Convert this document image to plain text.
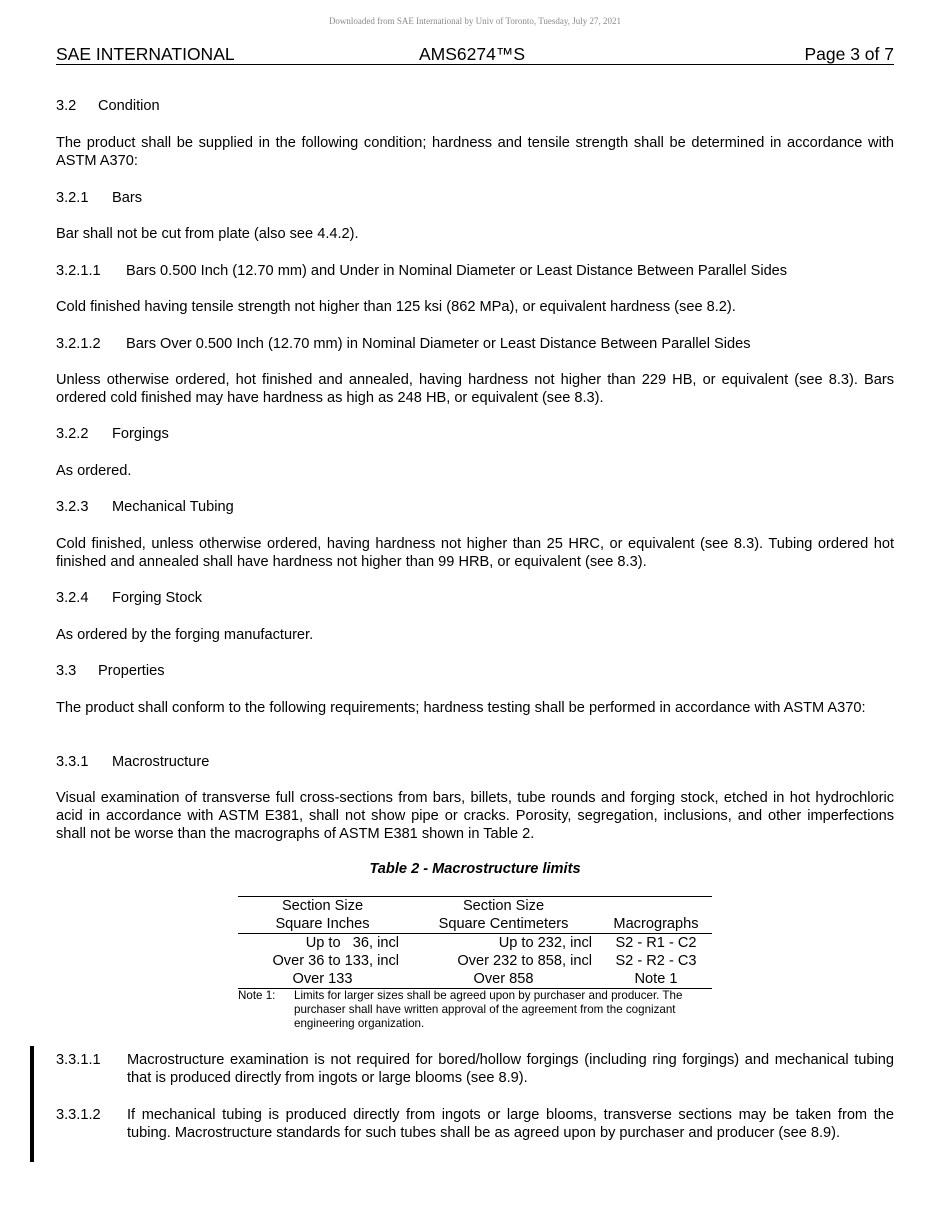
Downloaded from SAE International by Univ of Toronto, Tuesday, July 27, 2021
SAE INTERNATIONAL	AMS6274™S	Page 3 of 7
3.2 Condition
The product shall be supplied in the following condition; hardness and tensile strength shall be determined in accordance with ASTM A370:
3.2.1 Bars
Bar shall not be cut from plate (also see 4.4.2).
3.2.1.1 Bars 0.500 Inch (12.70 mm) and Under in Nominal Diameter or Least Distance Between Parallel Sides
Cold finished having tensile strength not higher than 125 ksi (862 MPa), or equivalent hardness (see 8.2).
3.2.1.2 Bars Over 0.500 Inch (12.70 mm) in Nominal Diameter or Least Distance Between Parallel Sides
Unless otherwise ordered, hot finished and annealed, having hardness not higher than 229 HB, or equivalent (see 8.3). Bars ordered cold finished may have hardness as high as 248 HB, or equivalent (see 8.3).
3.2.2 Forgings
As ordered.
3.2.3 Mechanical Tubing
Cold finished, unless otherwise ordered, having hardness not higher than 25 HRC, or equivalent (see 8.3). Tubing ordered hot finished and annealed shall have hardness not higher than 99 HRB, or equivalent (see 8.3).
3.2.4 Forging Stock
As ordered by the forging manufacturer.
3.3 Properties
The product shall conform to the following requirements; hardness testing shall be performed in accordance with ASTM A370:
3.3.1 Macrostructure
Visual examination of transverse full cross-sections from bars, billets, tube rounds and forging stock, etched in hot hydrochloric acid in accordance with ASTM E381, shall not show pipe or cracks. Porosity, segregation, inclusions, and other imperfections shall not be worse than the macrographs of ASTM E381 shown in Table 2.
Table 2 - Macrostructure limits
Section Size	Section Size	
Square Inches	Square Centimeters	Macrographs
Up to   36, incl	Up to 232, incl	S2 - R1 - C2
Over 36 to 133, incl	Over 232 to 858, incl	S2 - R2 - C3
Over 133	Over 858	Note 1
Note 1: Limits for larger sizes shall be agreed upon by purchaser and producer. The purchaser shall have written approval of the agreement from the cognizant engineering organization.
3.3.1.1 Macrostructure examination is not required for bored/hollow forgings (including ring forgings) and mechanical tubing that is produced directly from ingots or large blooms (see 8.9).
3.3.1.2 If mechanical tubing is produced directly from ingots or large blooms, transverse sections may be taken from the tubing. Macrostructure standards for such tubes shall be as agreed upon by purchaser and producer (see 8.9).
